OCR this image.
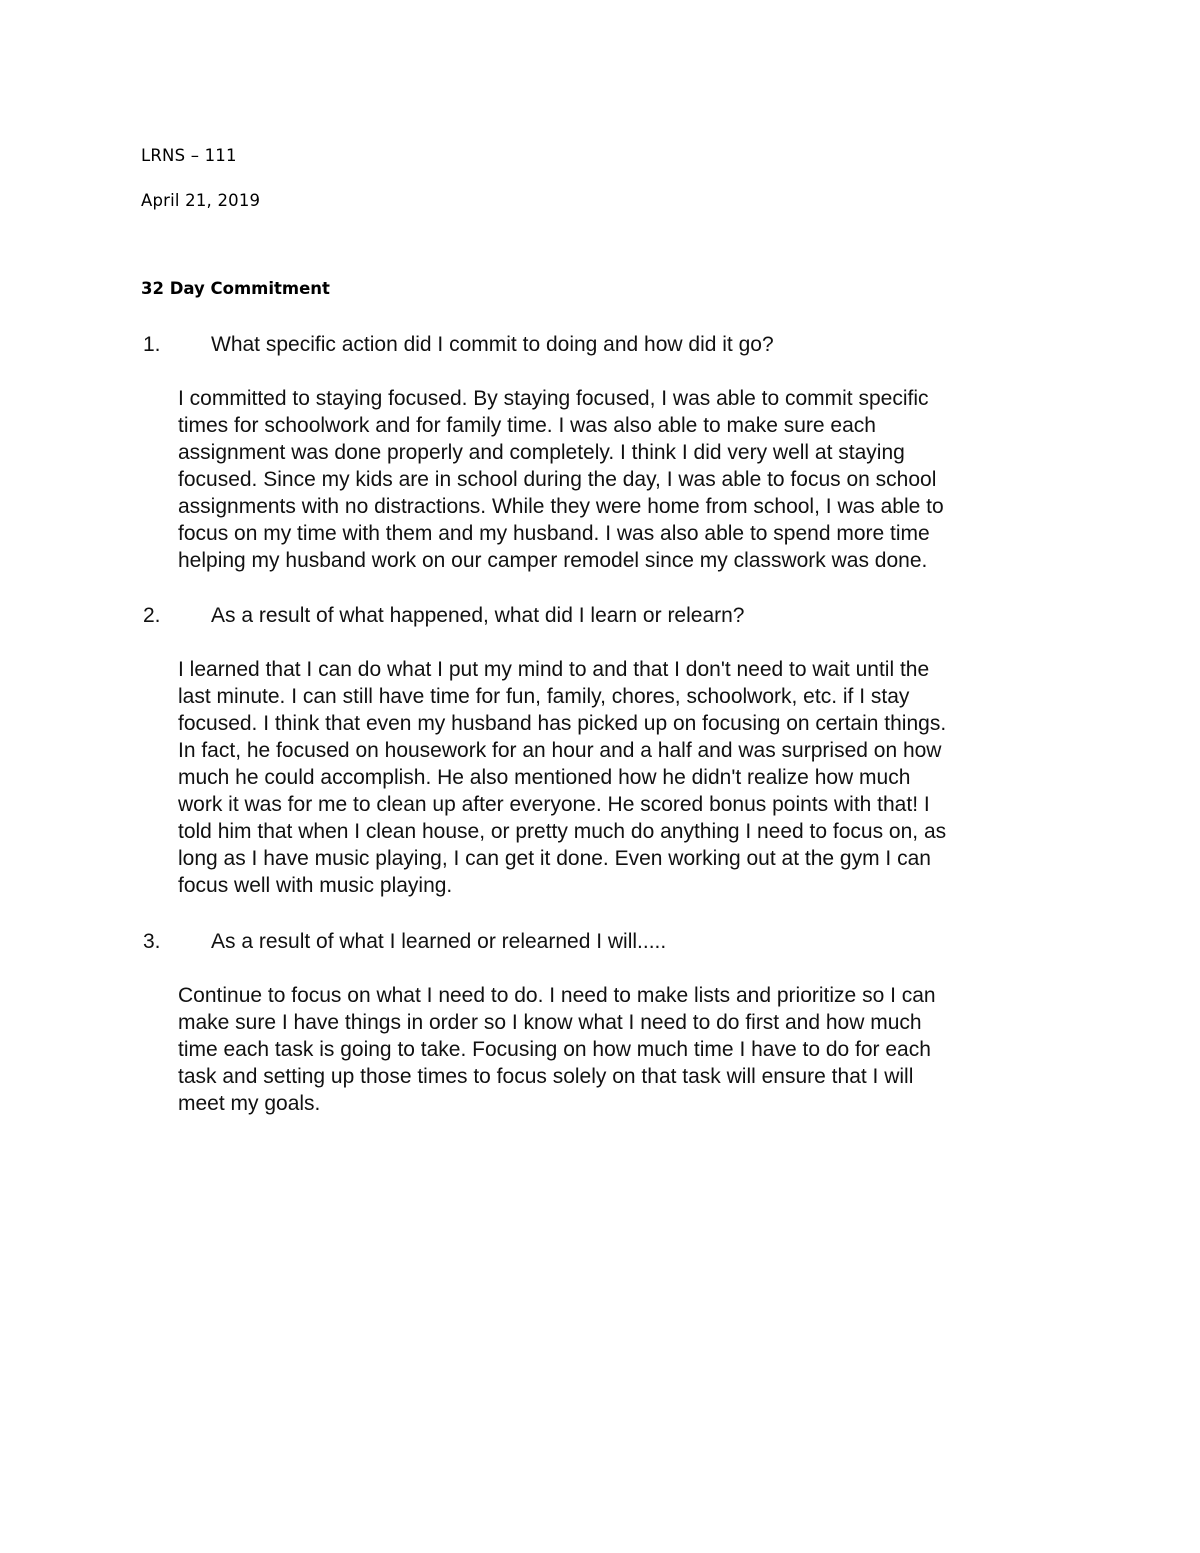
LRNS – 111
April 21, 2019
32 Day Commitment
1. What specific action did I commit to doing and how did it go?
I committed to staying focused. By staying focused, I was able to commit specific
times for schoolwork and for family time. I was also able to make sure each
assignment was done properly and completely. I think I did very well at staying
focused. Since my kids are in school during the day, I was able to focus on school
assignments with no distractions. While they were home from school, I was able to
focus on my time with them and my husband. I was also able to spend more time
helping my husband work on our camper remodel since my classwork was done.
2. As a result of what happened, what did I learn or relearn?
I learned that I can do what I put my mind to and that I don't need to wait until the
last minute. I can still have time for fun, family, chores, schoolwork, etc. if I stay
focused. I think that even my husband has picked up on focusing on certain things.
In fact, he focused on housework for an hour and a half and was surprised on how
much he could accomplish. He also mentioned how he didn't realize how much
work it was for me to clean up after everyone. He scored bonus points with that! I
told him that when I clean house, or pretty much do anything I need to focus on, as
long as I have music playing, I can get it done. Even working out at the gym I can
focus well with music playing.
3. As a result of what I learned or relearned I will.....
Continue to focus on what I need to do. I need to make lists and prioritize so I can
make sure I have things in order so I know what I need to do first and how much
time each task is going to take. Focusing on how much time I have to do for each
task and setting up those times to focus solely on that task will ensure that I will
meet my goals.
